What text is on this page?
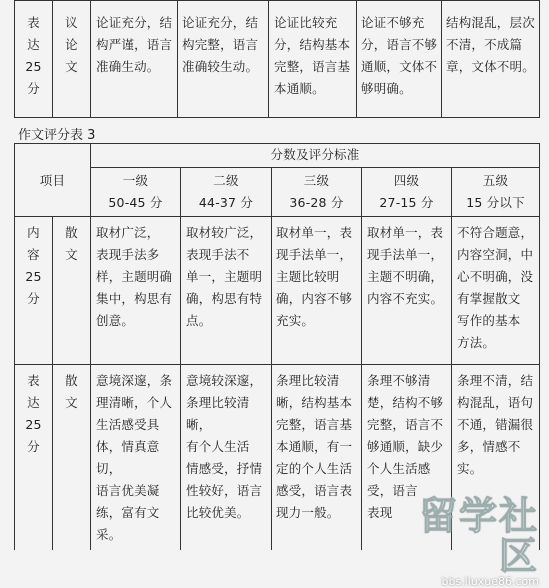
表
达
25
分
议
论
文
论证充分，结
构严谨，语言
准确生动。
论证充分，结
构完整，语言
准确较生动。
论证比较充
分，结构基本
完整，语言基
本通顺。
论证不够充
分，语言不够
通顺，文体不
够明确。
结构混乱，层次
不清，不成篇
章，文体不明。
作文评分表 3
项目
分数及评分标准
一级
50-45 分
二级
44-37 分
三级
36-28 分
四级
27-15 分
五级
15 分以下
内
容
25
分
散
文
取材广泛，
表现手法多
样，主题明确
集中，构思有
创意。
取材较广泛，
表现手法不
单一，主题明
确，构思有特
点。
取材单一，表
现手法单一，
主题比较明
确，内容不够
充实。
取材单一，表
现手法单一，
主题不明确，
内容不充实。
不符合题意，
内容空洞，中
心不明确，没
有掌握散文
写作的基本
方法。
表
达
25
分
散
文
意境深邃，条
理清晰，个人
生活感受具
体，情真意切，
语言优美凝
练，富有文采。
意境较深邃，
条理比较清晰，
有个人生活
情感受，抒情
性较好，语言
比较优美。
条理比较清
晰，结构基本
完整，语言基
本通顺，有一
定的个人生活
感受，语言表
现力一般。
条理不够清
楚，结构不够
完整，语言不
够通顺，缺少
个人生活感
受，语言
表现
条理不清，结
构混乱，语句
不通，错漏很
多，情感不
实。
留学社区
bbs.liuxue86.com
